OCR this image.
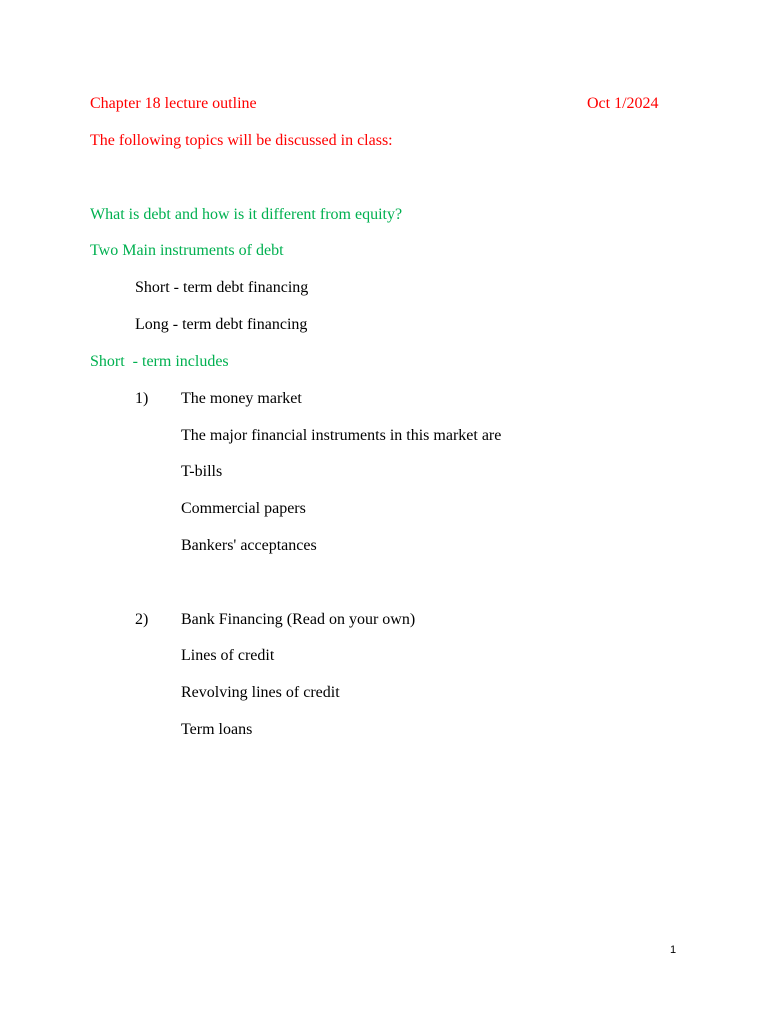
Chapter 18 lecture outline	Oct 1/2024
The following topics will be discussed in class:
What is debt and how is it different from equity?
Two Main instruments of debt
Short - term debt financing
Long - term debt financing
Short  - term includes
1) The money market
The major financial instruments in this market are
T-bills
Commercial papers
Bankers' acceptances
2) Bank Financing (Read on your own)
Lines of credit
Revolving lines of credit
Term loans
1
